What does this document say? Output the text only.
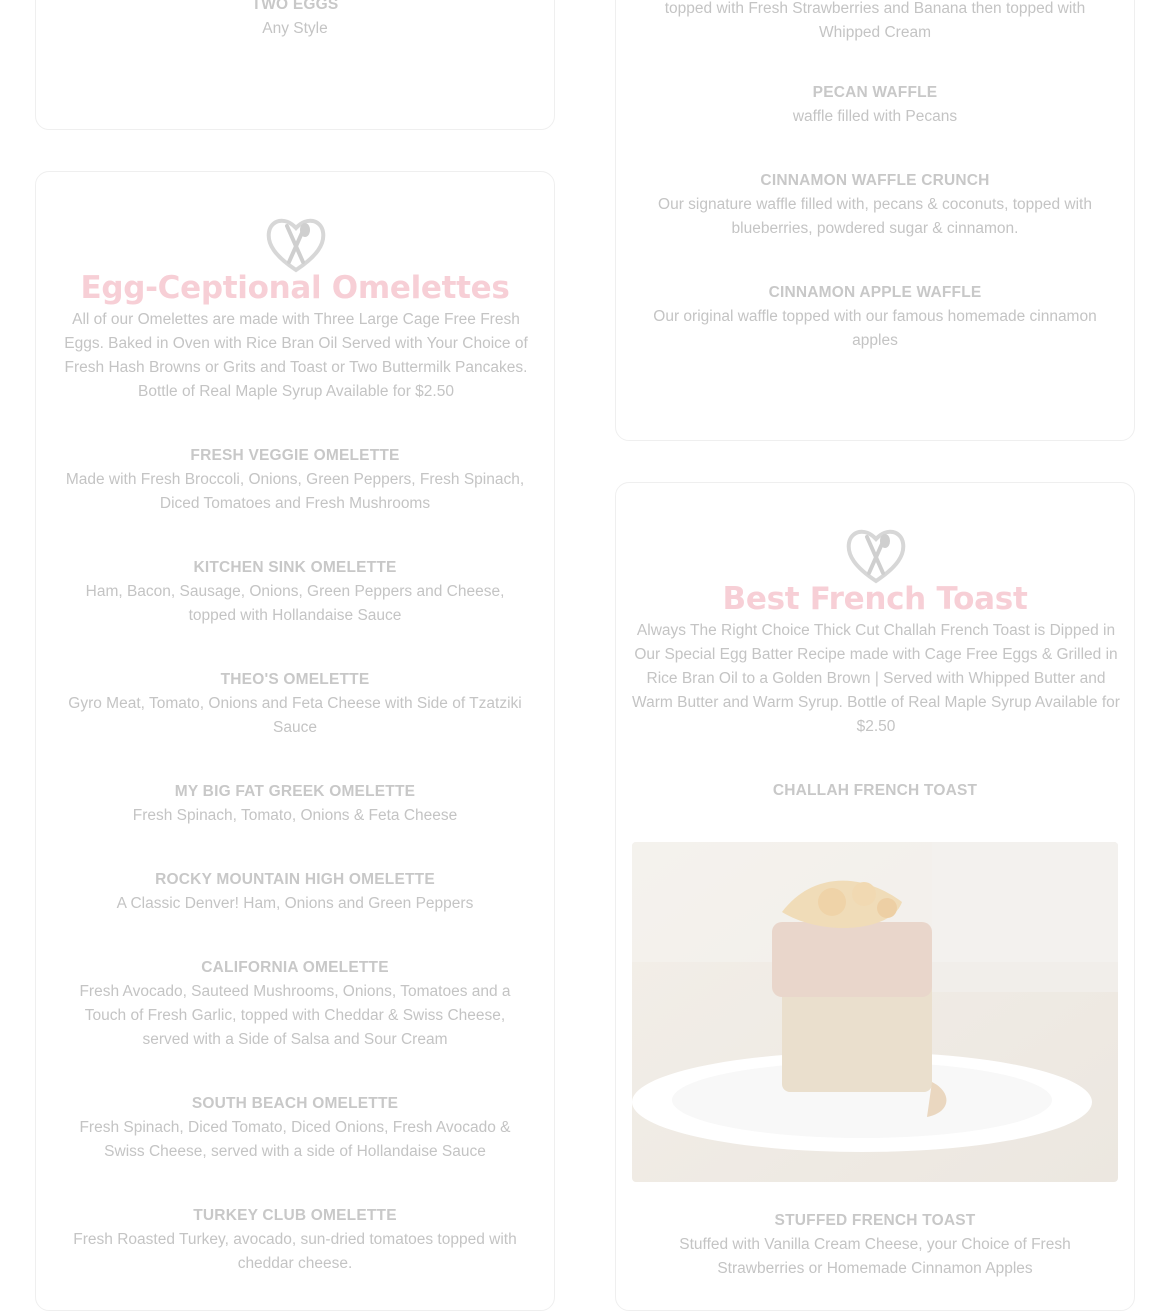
TWO EGGS

Any Style

topped with Fresh Strawberries and Banana then topped with Whipped Cream

PECAN WAFFLE

waffle filled with Pecans

CINNAMON WAFFLE CRUNCH

Our signature waffle filled with, pecans & coconuts, topped with blueberries, powdered sugar & cinnamon.

CINNAMON APPLE WAFFLE

Our original waffle topped with our famous homemade cinnamon apples

Egg-Ceptional Omelettes
All of our Omelettes are made with Three Large Cage Free Fresh Eggs. Baked in Oven with Rice Bran Oil Served with Your Choice of Fresh Hash Browns or Grits and Toast or Two Buttermilk Pancakes. Bottle of Real Maple Syrup Available for $2.50

FRESH VEGGIE OMELETTE

Made with Fresh Broccoli, Onions, Green Peppers, Fresh Spinach, Diced Tomatoes and Fresh Mushrooms

KITCHEN SINK OMELETTE

Ham, Bacon, Sausage, Onions, Green Peppers and Cheese, topped with Hollandaise Sauce

THEO'S OMELETTE

Gyro Meat, Tomato, Onions and Feta Cheese with Side of Tzatziki Sauce

MY BIG FAT GREEK OMELETTE

Fresh Spinach, Tomato, Onions & Feta Cheese

ROCKY MOUNTAIN HIGH OMELETTE

A Classic Denver! Ham, Onions and Green Peppers

CALIFORNIA OMELETTE

Fresh Avocado, Sauteed Mushrooms, Onions, Tomatoes and a Touch of Fresh Garlic, topped with Cheddar & Swiss Cheese, served with a Side of Salsa and Sour Cream

SOUTH BEACH OMELETTE

Fresh Spinach, Diced Tomato, Diced Onions, Fresh Avocado & Swiss Cheese, served with a side of Hollandaise Sauce

TURKEY CLUB OMELETTE

Fresh Roasted Turkey, avocado, sun-dried tomatoes topped with cheddar cheese.

Best French Toast
Always The Right Choice Thick Cut Challah French Toast is Dipped in Our Special Egg Batter Recipe made with Cage Free Eggs & Grilled in Rice Bran Oil to a Golden Brown | Served with Whipped Butter and Warm Butter and Warm Syrup. Bottle of Real Maple Syrup Available for $2.50

CHALLAH FRENCH TOAST

STUFFED FRENCH TOAST

Stuffed with Vanilla Cream Cheese, your Choice of Fresh Strawberries or Homemade Cinnamon Apples
